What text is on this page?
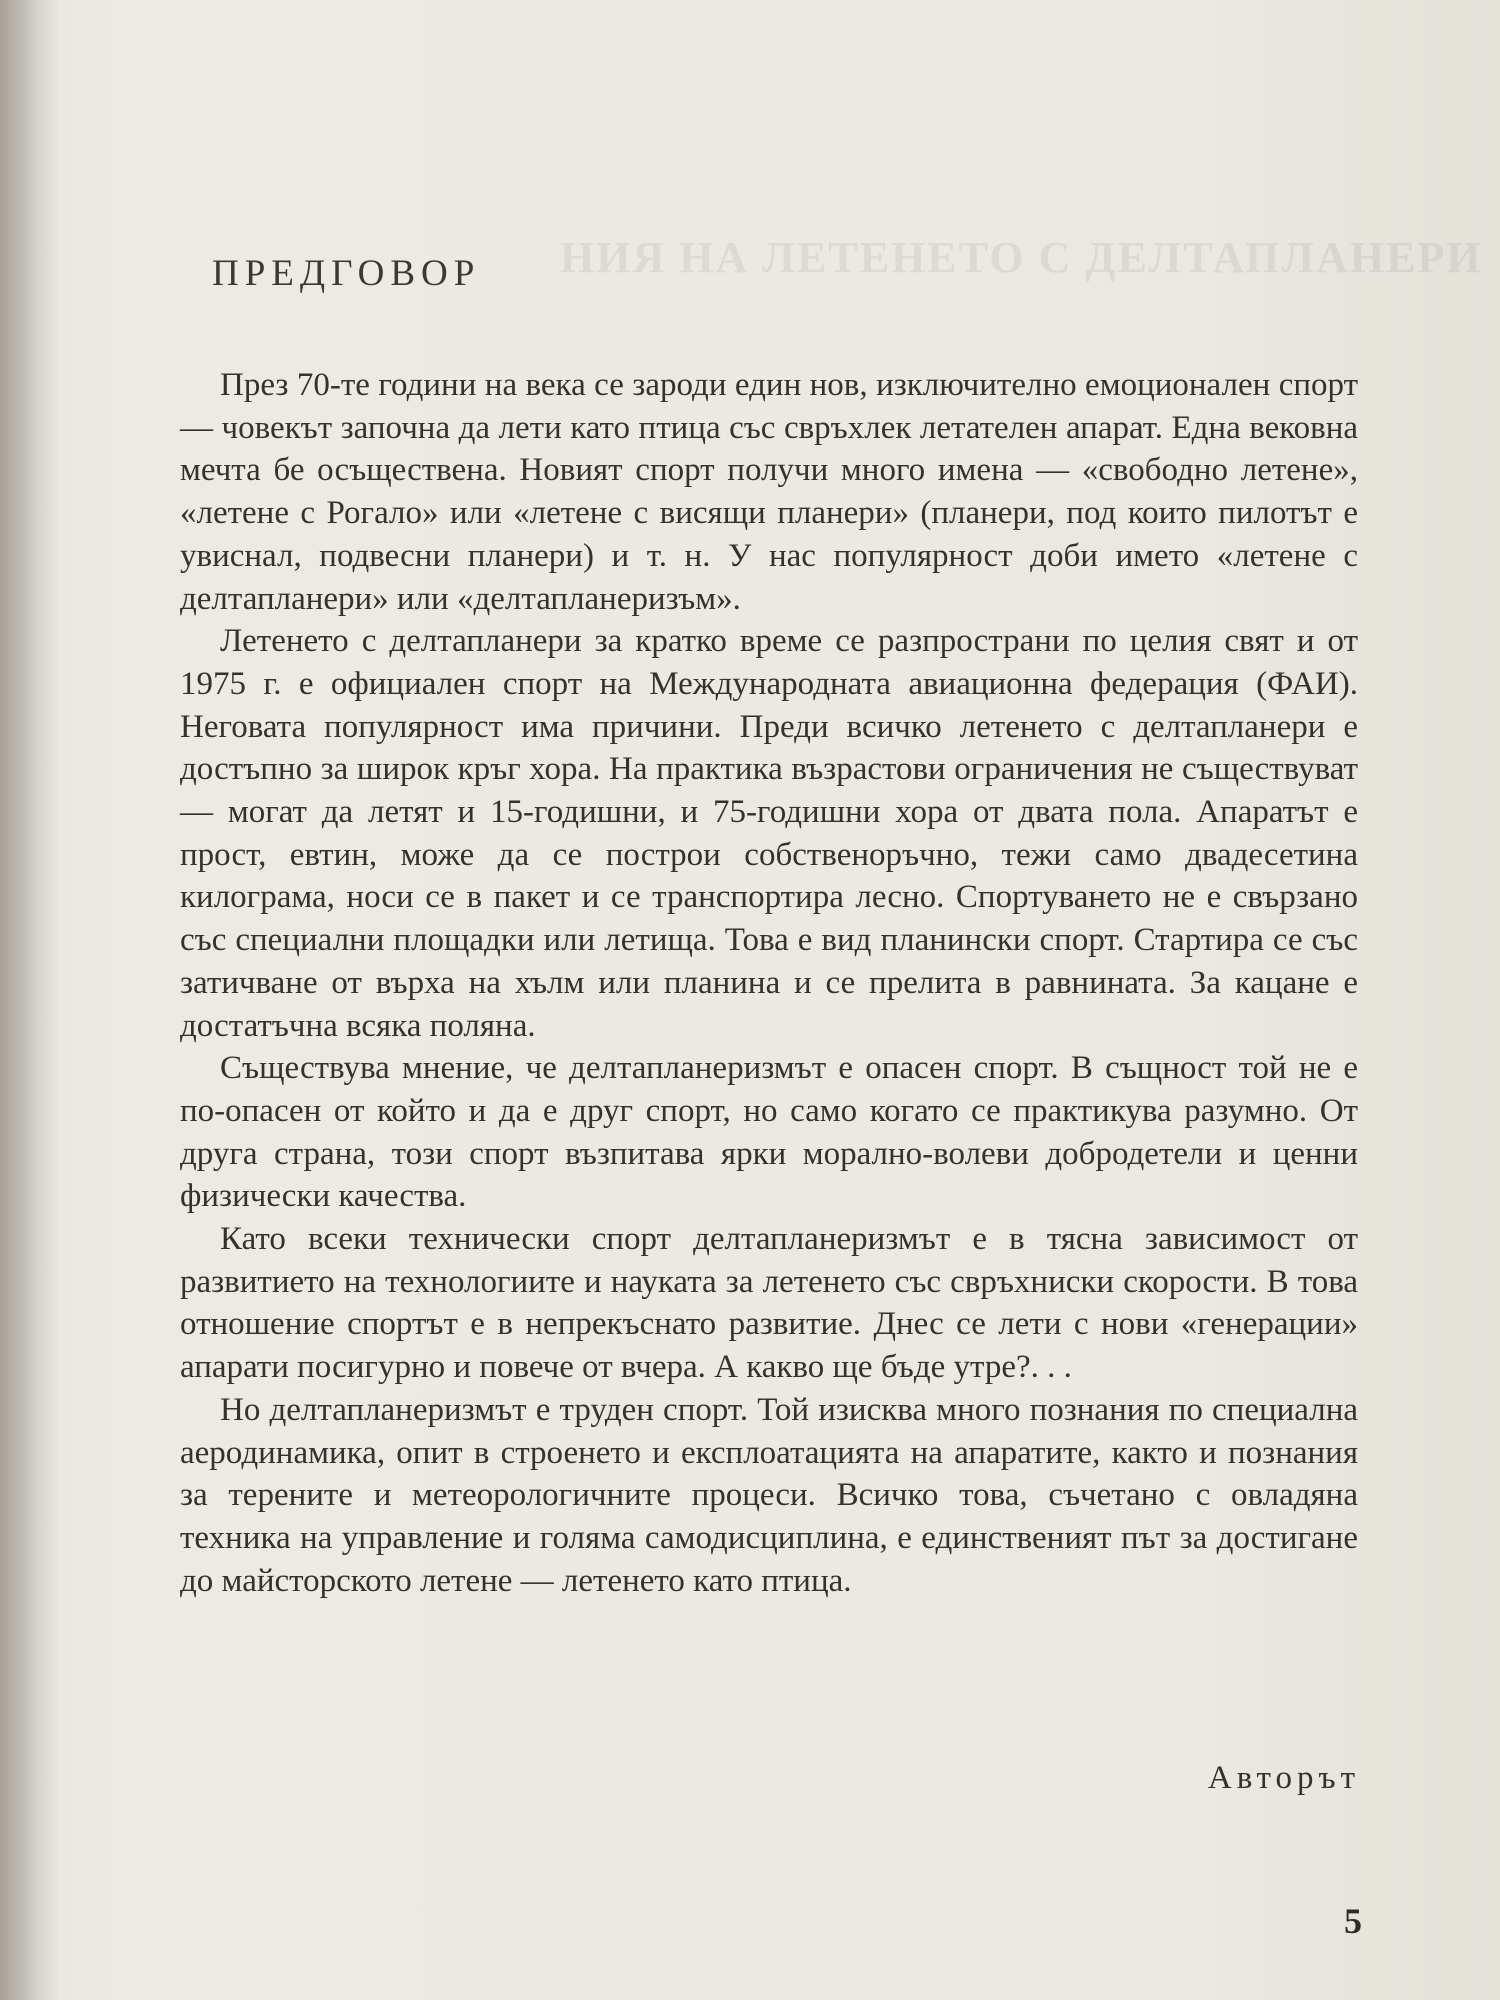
НИЯ НА ЛЕТЕНЕТО С ДЕЛТАПЛАНЕРИ
ПРЕДГОВОР

През 70-те години на века се зароди един нов, изключително емоционален спорт — човекът започна да лети като птица със свръхлек летателен апарат. Една вековна мечта бе осъществена. Новият спорт получи много имена — «свободно летене», «летене с Рогало» или «летене с висящи планери» (планери, под които пилотът е увиснал, подвесни планери) и т. н. У нас популярност доби името «летене с делтапланери» или «делтапланеризъм».

Летенето с делтапланери за кратко време се разпространи по целия свят и от 1975 г. е официален спорт на Международната авиационна федерация (ФАИ). Неговата популярност има причини. Преди всичко летенето с делтапланери е достъпно за широк кръг хора. На практика възрастови ограничения не съществуват — могат да летят и 15-годишни, и 75-годишни хора от двата пола. Апаратът е прост, евтин, може да се построи собственоръчно, тежи само двадесетина килограма, носи се в пакет и се транспортира лесно. Спортуването не е свързано със специални площадки или летища. Това е вид планински спорт. Стартира се със затичване от върха на хълм или планина и се прелита в равнината. За кацане е достатъчна всяка поляна.

Съществува мнение, че делтапланеризмът е опасен спорт. В същност той не е по-опасен от който и да е друг спорт, но само когато се практикува разумно. От друга страна, този спорт възпитава ярки морално-волеви добродетели и ценни физически качества.

Като всеки технически спорт делтапланеризмът е в тясна зависимост от развитието на технологиите и науката за летенето със свръхниски скорости. В това отношение спортът е в непрекъснато развитие. Днес се лети с нови «генерации» апарати посигурно и повече от вчера. А какво ще бъде утре?. . .

Но делтапланеризмът е труден спорт. Той изисква много познания по специална аеродинамика, опит в строенето и експлоатацията на апаратите, както и познания за терените и метеорологичните процеси. Всичко това, съчетано с овладяна техника на управление и голяма самодисциплина, е единственият път за достигане до майсторското летене — летенето като птица.

Авторът
5
